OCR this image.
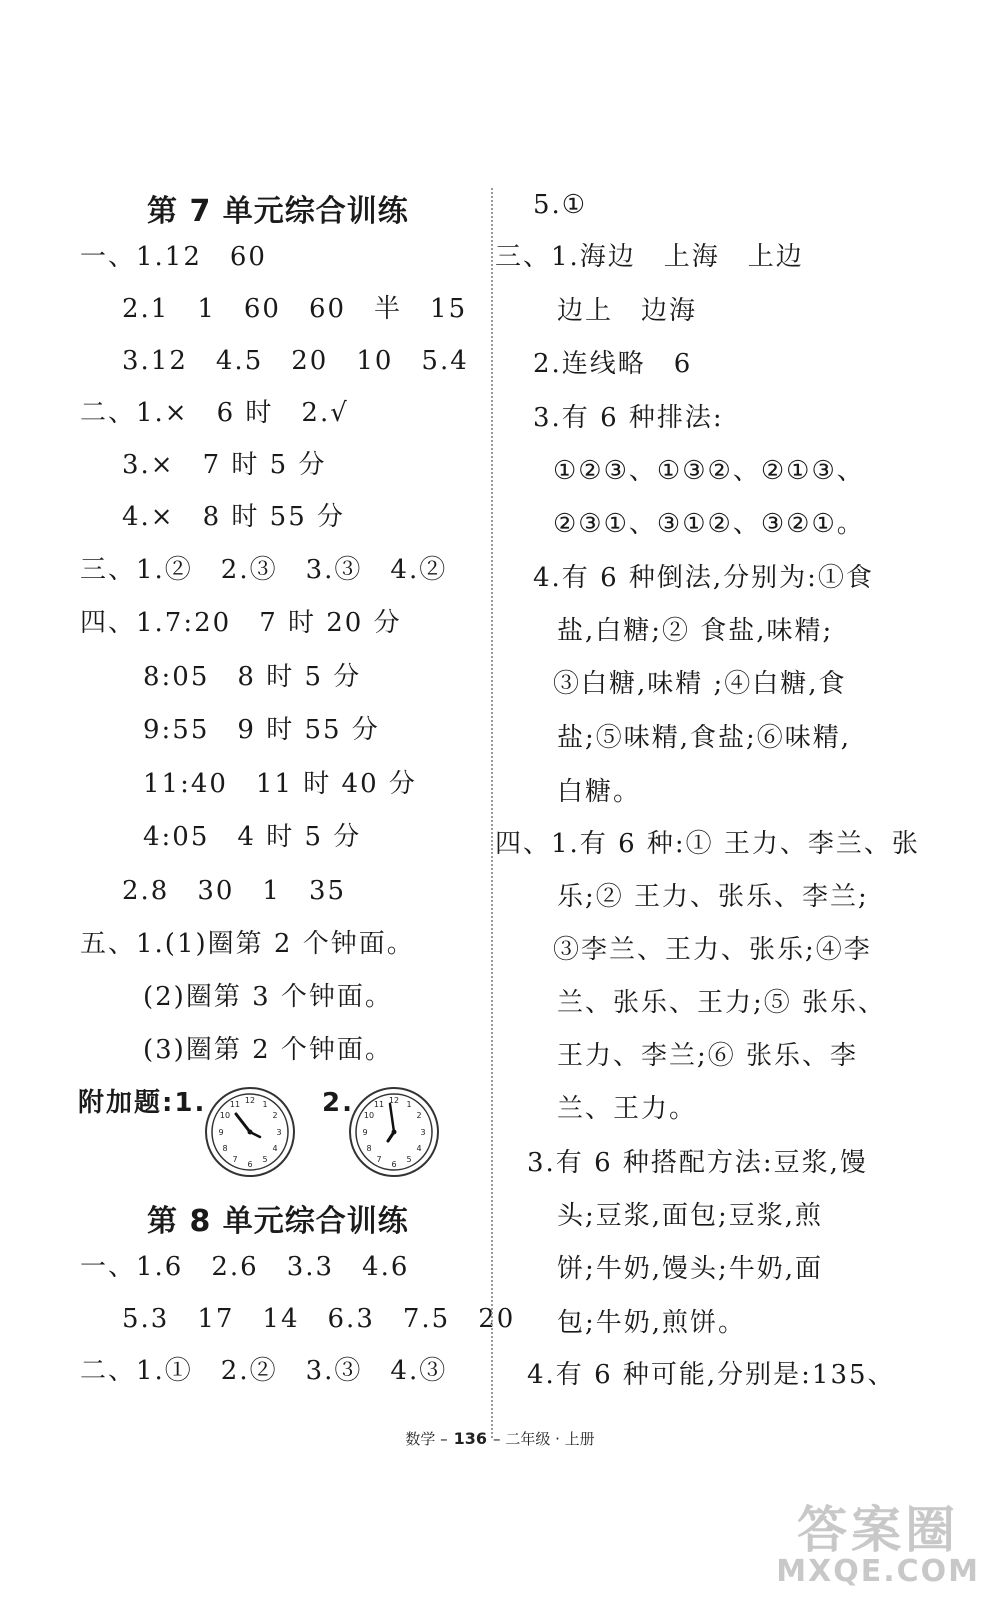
第 7 单元综合训练
一、1.12　60
2.1　1　60　60　半　15
3.12　4.5　20　10　5.4
二、1.×　6 时　2.√
3.×　7 时 5 分
4.×　8 时 55 分
三、1.②　2.③　3.③　4.②
四、1.7:20　7 时 20 分
8:05　8 时 5 分
9:55　9 时 55 分
11:40　11 时 40 分
4:05　4 时 5 分
2.8　30　1　35
五、1.(1)圈第 2 个钟面。
(2)圈第 3 个钟面。
(3)圈第 2 个钟面。
附加题:1.	2.
12 1
2
3
4
5
6
7
8
9
10
11	12 1
2
3
4
5
6
7
8
9
10
11
第 8 单元综合训练
一、1.6　2.6　3.3　4.6
5.3　17　14　6.3　7.5　20
二、1.①　2.②　3.③　4.③
5.①
三、1.海边　上海　上边
边上　边海
2.连线略　6
3.有 6 种排法:
①②③、①③②、②①③、
②③①、③①②、③②①。
4.有 6 种倒法,分别为:①食
盐,白糖;② 食盐,味精;
③白糖,味精 ;④白糖,食
盐;⑤味精,食盐;⑥味精,
白糖。
四、1.有 6 种:① 王力、李兰、张
乐;② 王力、张乐、李兰;
③李兰、王力、张乐;④李
兰、张乐、王力;⑤ 张乐、
王力、李兰;⑥ 张乐、李
兰、王力。
3.有 6 种搭配方法:豆浆,馒
头;豆浆,面包;豆浆,煎
饼;牛奶,馒头;牛奶,面
包;牛奶,煎饼。
4.有 6 种可能,分别是:135、
数学 – 136 – 二年级 · 上册
答案圈
MXQE.COM
